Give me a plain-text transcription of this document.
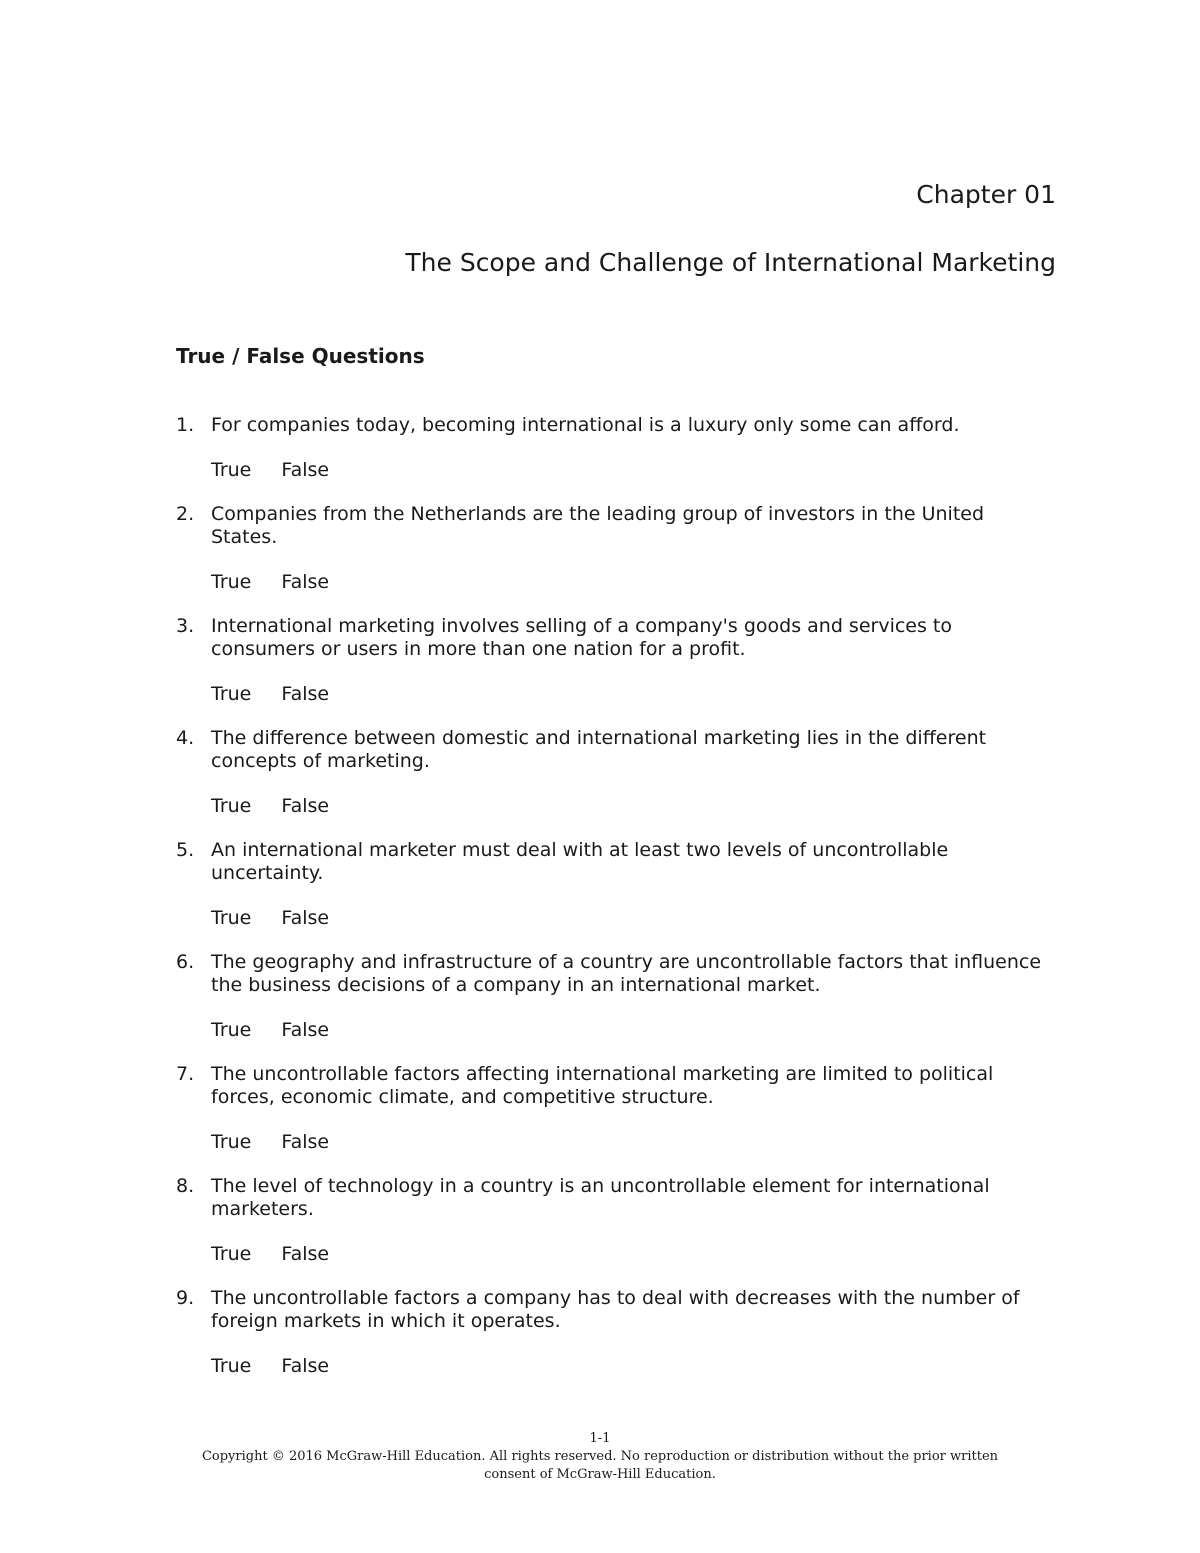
Chapter 01
The Scope and Challenge of International Marketing
True / False Questions
1. For companies today, becoming international is a luxury only some can afford.
True False
2. Companies from the Netherlands are the leading group of investors in the United States.
True False
3. International marketing involves selling of a company's goods and services to consumers or users in more than one nation for a profit.
True False
4. The difference between domestic and international marketing lies in the different concepts of marketing.
True False
5. An international marketer must deal with at least two levels of uncontrollable uncertainty.
True False
6. The geography and infrastructure of a country are uncontrollable factors that influence the business decisions of a company in an international market.
True False
7. The uncontrollable factors affecting international marketing are limited to political forces, economic climate, and competitive structure.
True False
8. The level of technology in a country is an uncontrollable element for international marketers.
True False
9. The uncontrollable factors a company has to deal with decreases with the number of foreign markets in which it operates.
True False
1-1
Copyright © 2016 McGraw-Hill Education. All rights reserved. No reproduction or distribution without the prior written consent of McGraw-Hill Education.
